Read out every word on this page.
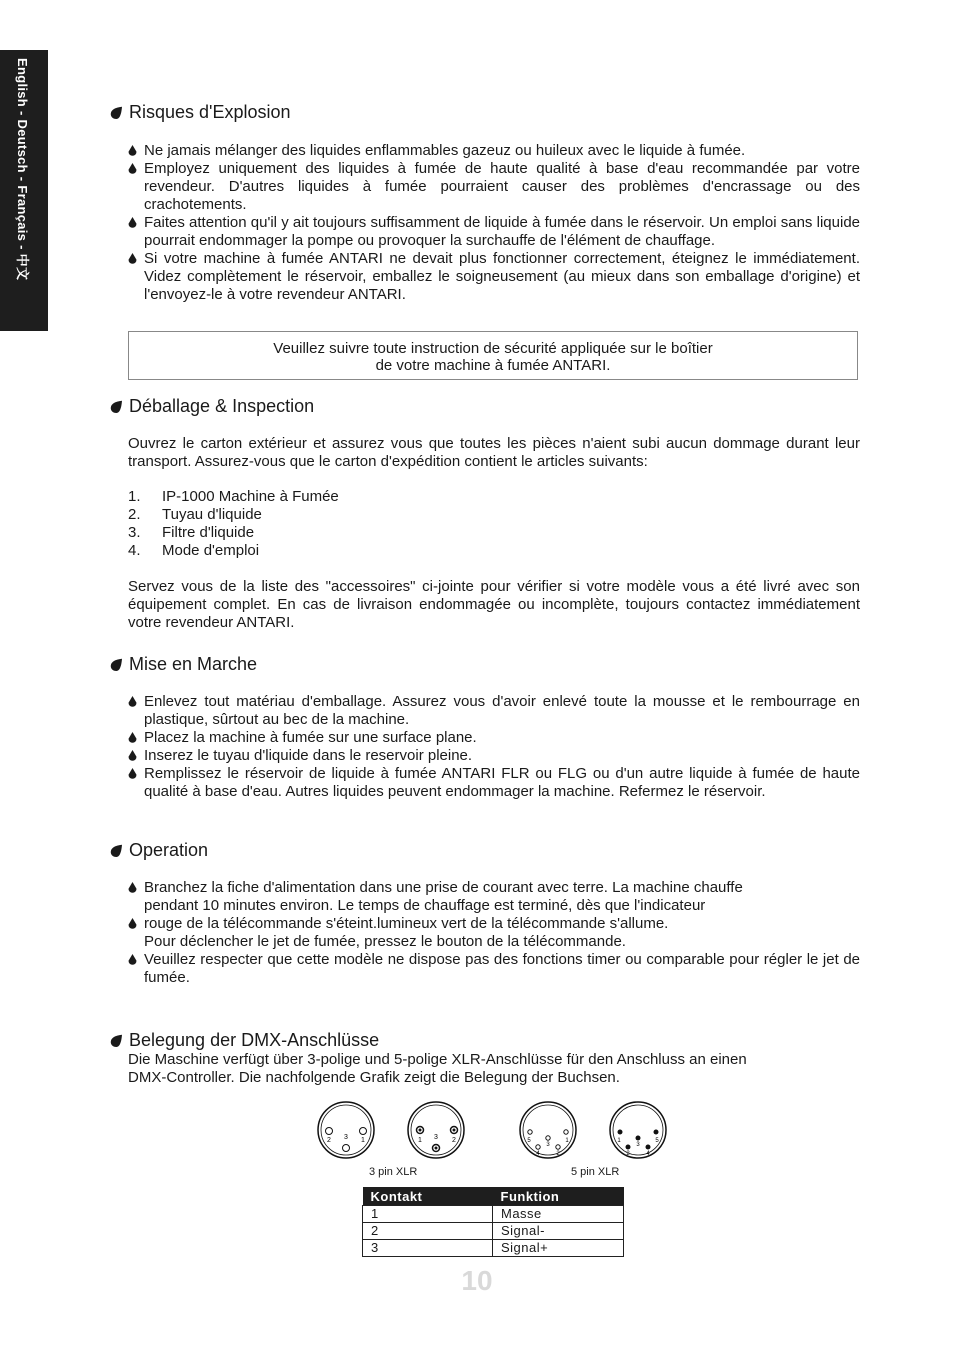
English - Deutsch - Français - 中文	Risques d'Explosion
Ne jamais mélanger des liquides enflammables gazeuz ou huileux avec le liquide à fumée.
Employez uniquement des liquides à fumée de haute qualité à base d'eau recommandée par votre revendeur. D'autres liquides à fumée pourraient causer des problèmes d'encrassage ou des crachotements.
Faites attention qu'il y ait toujours suffisamment de liquide à fumée dans le réservoir. Un emploi sans liquide pourrait endommager la pompe ou provoquer la surchauffe de l'élément de chauffage.
Si votre machine à fumée ANTARI ne devait plus fonctionner correctement, éteignez le immédiatement. Videz complètement le réservoir, emballez le soigneusement (au mieux dans son emballage d'origine) et l'envoyez-le à votre revendeur ANTARI.
Veuillez suivre toute instruction de sécurité appliquée sur le boîtier
de votre machine à fumée ANTARI.
Déballage & Inspection

Ouvrez le carton extérieur et assurez vous que toutes les pièces n'aient subi aucun dommage durant leur transport. Assurez-vous que le carton d'expédition contient le articles suivants:

1.	IP-1000 Machine à Fumée
2.	Tuyau d'liquide
3.	Filtre d'liquide
4.	Mode d'emploi

Servez vous de la liste des "accessoires" ci-jointe pour vérifier si votre modèle vous a été livré avec son équipement complet. En cas de livraison endommagée ou incomplète, toujours contactez immédiatement votre revendeur ANTARI.

Mise en Marche
Enlevez tout matériau d'emballage. Assurez vous d'avoir enlevé toute la mousse et le rembourrage en plastique, sûrtout au bec de la machine.
Placez la machine à fumée sur une surface plane.
Inserez le tuyau d'liquide dans le reservoir pleine.
Remplissez le réservoir de liquide à fumée ANTARI FLR ou FLG ou d'un autre liquide à fumée de haute qualité à base d'eau. Autres liquides peuvent endommager la machine. Refermez le réservoir.
Operation
Branchez la fiche d'alimentation dans une prise de courant avec terre. La machine chauffe
pendant 10 minutes environ. Le temps de chauffage est terminé, dès que l'indicateur
rouge de la télécommande s'éteint.lumineux vert de la télécommande s'allume.
Pour déclencher le jet de fumée, pressez le bouton de la télécommande.
Veuillez respecter que cette modèle ne dispose pas des fonctions timer ou comparable pour régler le jet de fumée.
Belegung der DMX-Anschlüsse

Die Maschine verfügt über 3-polige und 5-polige XLR-Anschlüsse für den Anschluss an einen
DMX-Controller. Die nachfolgende Grafik zeigt die Belegung der Buchsen.

2 3 1	1 3 2
3 pin XLR
5	1
3
4	2
1	5
3
2	4
5 pin XLR
Kontakt	Funktion
1	Masse
2	Signal-
3	Signal+
10
